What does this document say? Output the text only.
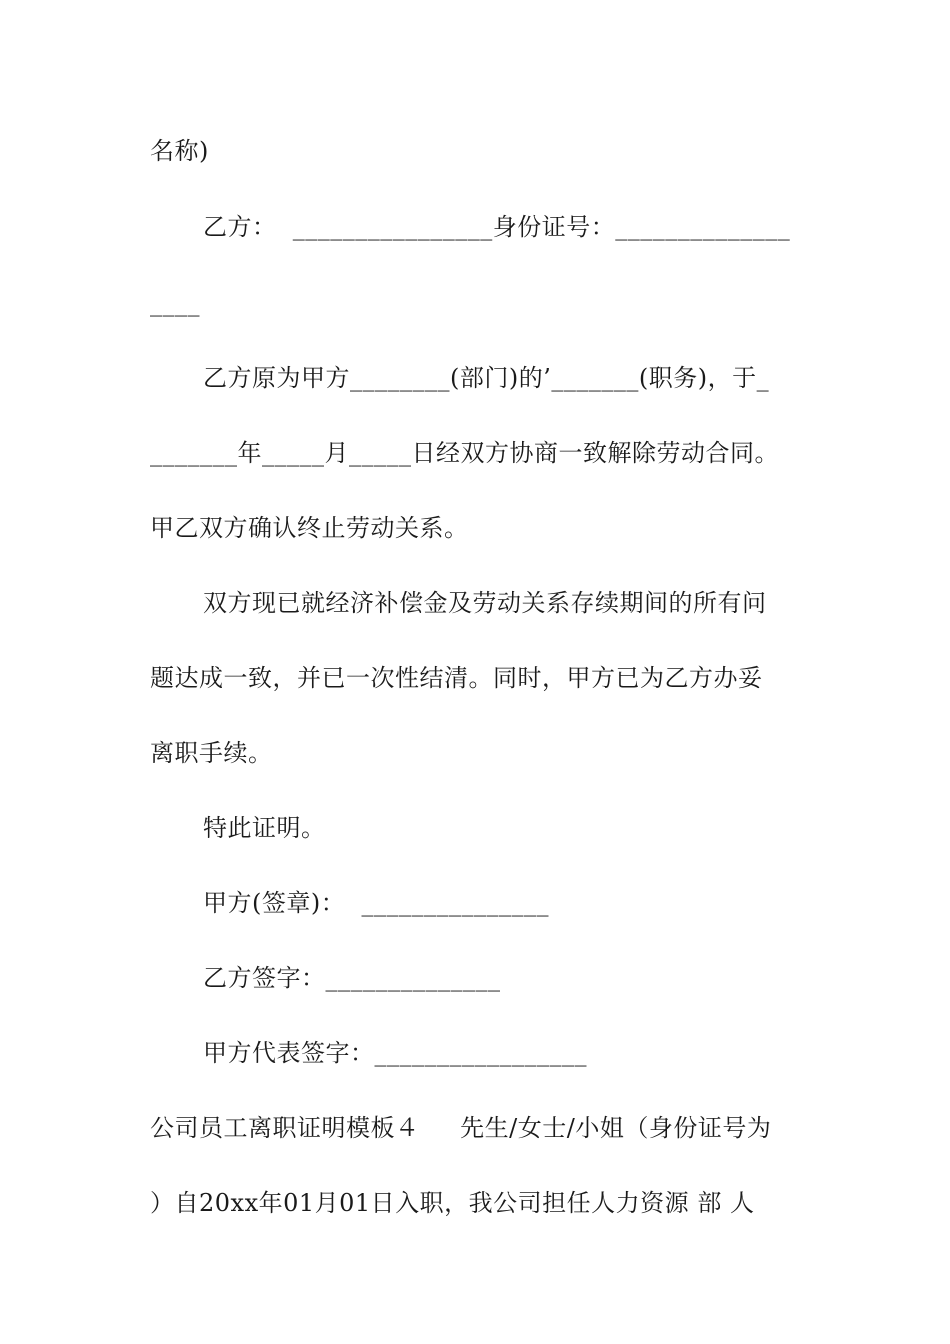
名称)
乙方：  ________________身份证号：______________
____
乙方原为甲方________(部门)的’_______(职务)，于_
_______年_____月_____日经双方协商一致解除劳动合同。
甲乙双方确认终止劳动关系。
双方现已就经济补偿金及劳动关系存续期间的所有问
题达成一致，并已一次性结清。同时，甲方已为乙方办妥
离职手续。
特此证明。
甲方(签章)：  _______________
乙方签字：______________
甲方代表签字：_________________
公司员工离职证明模板４     先生/女士/小姐（身份证号为
）自20xx年01月01日入职，我公司担任人力资源 部 人
